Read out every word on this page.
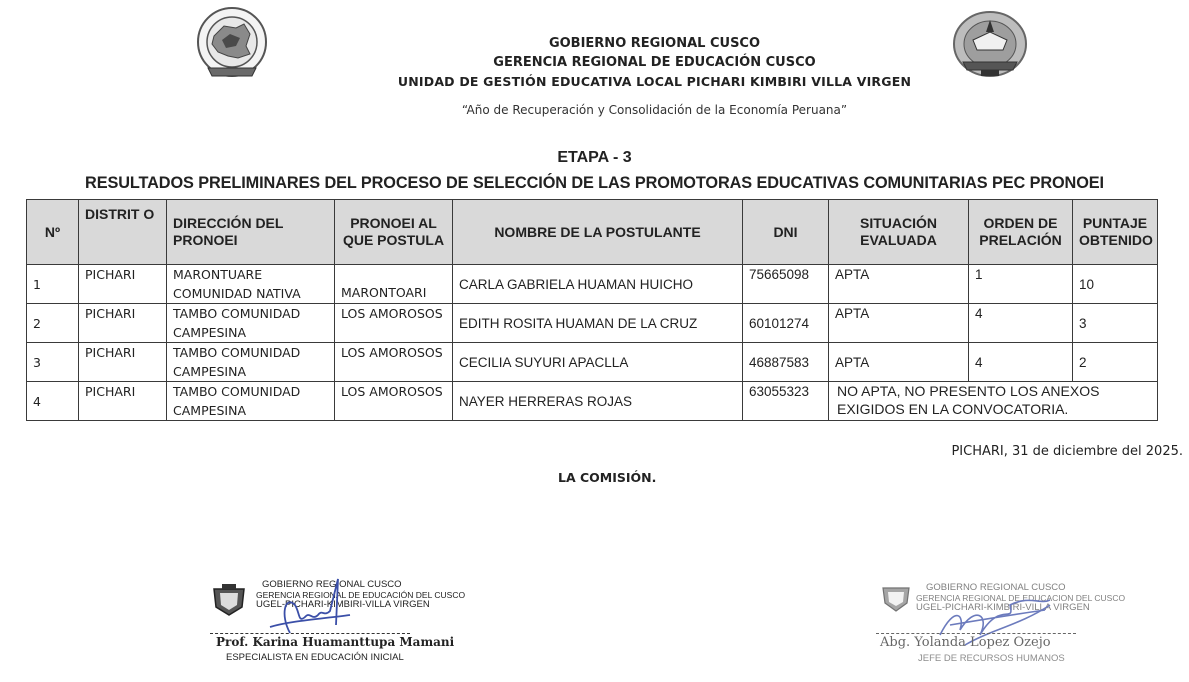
GOBIERNO REGIONAL CUSCO
GERENCIA REGIONAL DE EDUCACIÓN CUSCO
UNIDAD DE GESTIÓN EDUCATIVA LOCAL PICHARI KIMBIRI VILLA VIRGEN
“Año de Recuperación y Consolidación de la Economía Peruana”
ETAPA - 3
RESULTADOS PRELIMINARES DEL PROCESO DE SELECCIÓN DE LAS PROMOTORAS EDUCATIVAS COMUNITARIAS PEC PRONOEI
Nº	DISTRIT O	DIRECCIÓN DEL PRONOEI	PRONOEI AL QUE POSTULA	NOMBRE DE LA POSTULANTE	DNI	SITUACIÓN EVALUADA	ORDEN DE PRELACIÓN	PUNTAJE OBTENIDO
1	PICHARI	MARONTUARE COMUNIDAD NATIVA	MARONTOARI	CARLA GABRIELA HUAMAN HUICHO	75665098	APTA	1	10
2	PICHARI	TAMBO COMUNIDAD CAMPESINA	LOS AMOROSOS	EDITH ROSITA HUAMAN DE LA CRUZ	60101274	APTA	4	3
3	PICHARI	TAMBO COMUNIDAD CAMPESINA	LOS AMOROSOS	CECILIA SUYURI APACLLA	46887583	APTA	4	2
4	PICHARI	TAMBO COMUNIDAD CAMPESINA	LOS AMOROSOS	NAYER HERRERAS ROJAS	63055323	NO APTA, NO PRESENTO LOS ANEXOS EXIGIDOS EN LA CONVOCATORIA.		
PICHARI, 31 de diciembre del 2025.
LA COMISIÓN.
GOBIERNO REGIONAL CUSCO
GERENCIA REGIONAL DE EDUCACIÓN DEL CUSCO
UGEL-PICHARI-KIMBIRI-VILLA VIRGEN
Prof. Karina Huamanttupa Mamani
ESPECIALISTA EN EDUCACIÓN INICIAL
GOBIERNO REGIONAL CUSCO
GERENCIA REGIONAL DE EDUCACION DEL CUSCO
UGEL-PICHARI-KIMBIRI-VILLA VIRGEN
Abg. Yolanda Lopez Ozejo
JEFE DE RECURSOS HUMANOS
